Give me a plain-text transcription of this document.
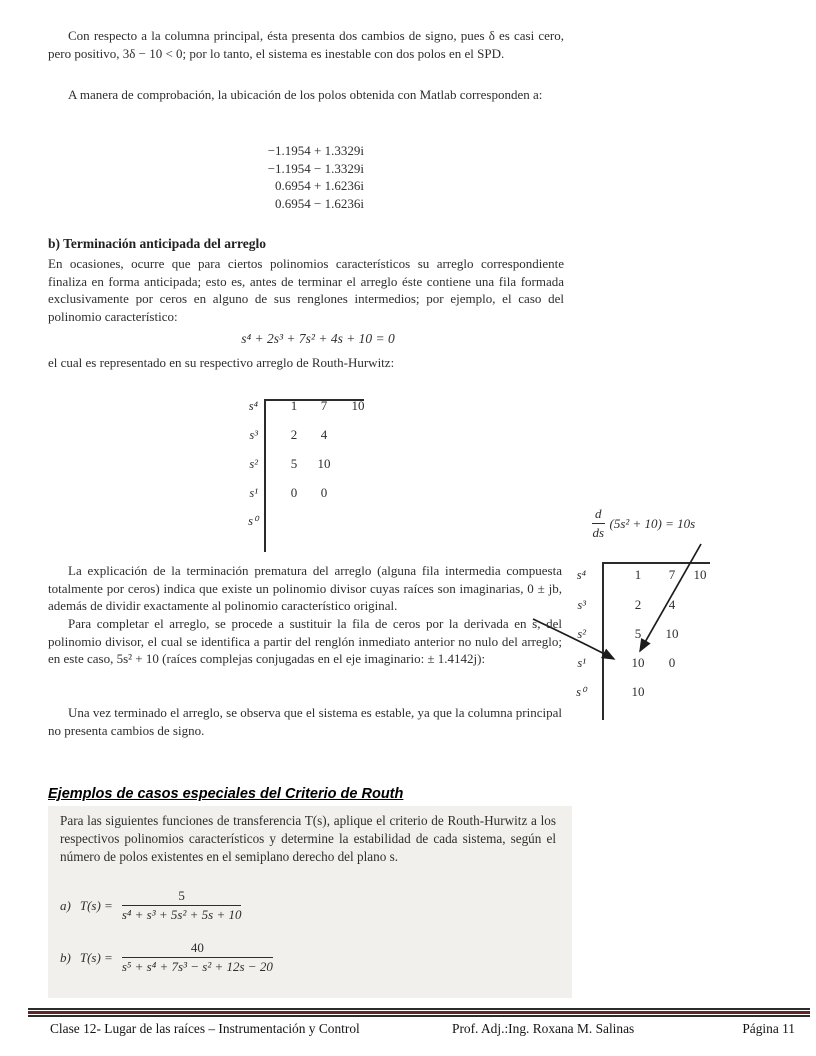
Con respecto a la columna principal, ésta presenta dos cambios de signo, pues δ es casi cero, pero positivo, 3δ − 10 < 0; por lo tanto, el sistema es inestable con dos polos en el SPD.
A manera de comprobación, la ubicación de los polos obtenida con Matlab corresponden a:
−1.1954 + 1.3329i
−1.1954 − 1.3329i
0.6954 + 1.6236i
0.6954 − 1.6236i
b) Terminación anticipada del arreglo
En ocasiones, ocurre que para ciertos polinomios característicos su arreglo correspondiente finaliza en forma anticipada; esto es, antes de terminar el arreglo éste contiene una fila formada exclusivamente por ceros en alguno de sus renglones intermedios; por ejemplo, el caso del polinomio característico:
s⁴ + 2s³ + 7s² + 4s + 10 = 0
el cual es representado en su respectivo arreglo de Routh-Hurwitz:
s⁴	1	7	10
s³	2	4
s²	5	10
s¹	0	0
s⁰	$\frac{d}{ds} (5s^2 + 10) = 10s$
s⁴	1	7	10
s³	2	4
s²	5	10
s¹	10	0
s⁰	10
La explicación de la terminación prematura del arreglo (alguna fila intermedia compuesta totalmente por ceros) indica que existe un polinomio divisor cuyas raíces son imaginarias, 0 ± jb, además de dividir exactamente al polinomio característico original.
Para completar el arreglo, se procede a sustituir la fila de ceros por la derivada en s, del polinomio divisor, el cual se identifica a partir del renglón inmediato anterior no nulo del arreglo; en este caso, 5s² + 10 (raíces complejas conjugadas en el eje imaginario: ± 1.4142j):
Una vez terminado el arreglo, se observa que el sistema es estable, ya que la columna principal no presenta cambios de signo.
Ejemplos de casos especiales del Criterio de Routh
Para las siguientes funciones de transferencia T(s), aplique el criterio de Routh-Hurwitz a los respectivos polinomios característicos y determine la estabilidad de cada sistema, según el número de polos existentes en el semiplano derecho del plano s.
a) $T(s) = \frac{5}{\text{s⁴ + s³ + 5s² + 5s + 10}}$
b) $T(s) = \frac{40}{\text{s⁵ + s⁴ + 7s³ − s² + 12s − 20}}$
Clase 12- Lugar de las raíces – Instrumentación y Control	Prof. Adj.:Ing. Roxana M. Salinas	Página 11
